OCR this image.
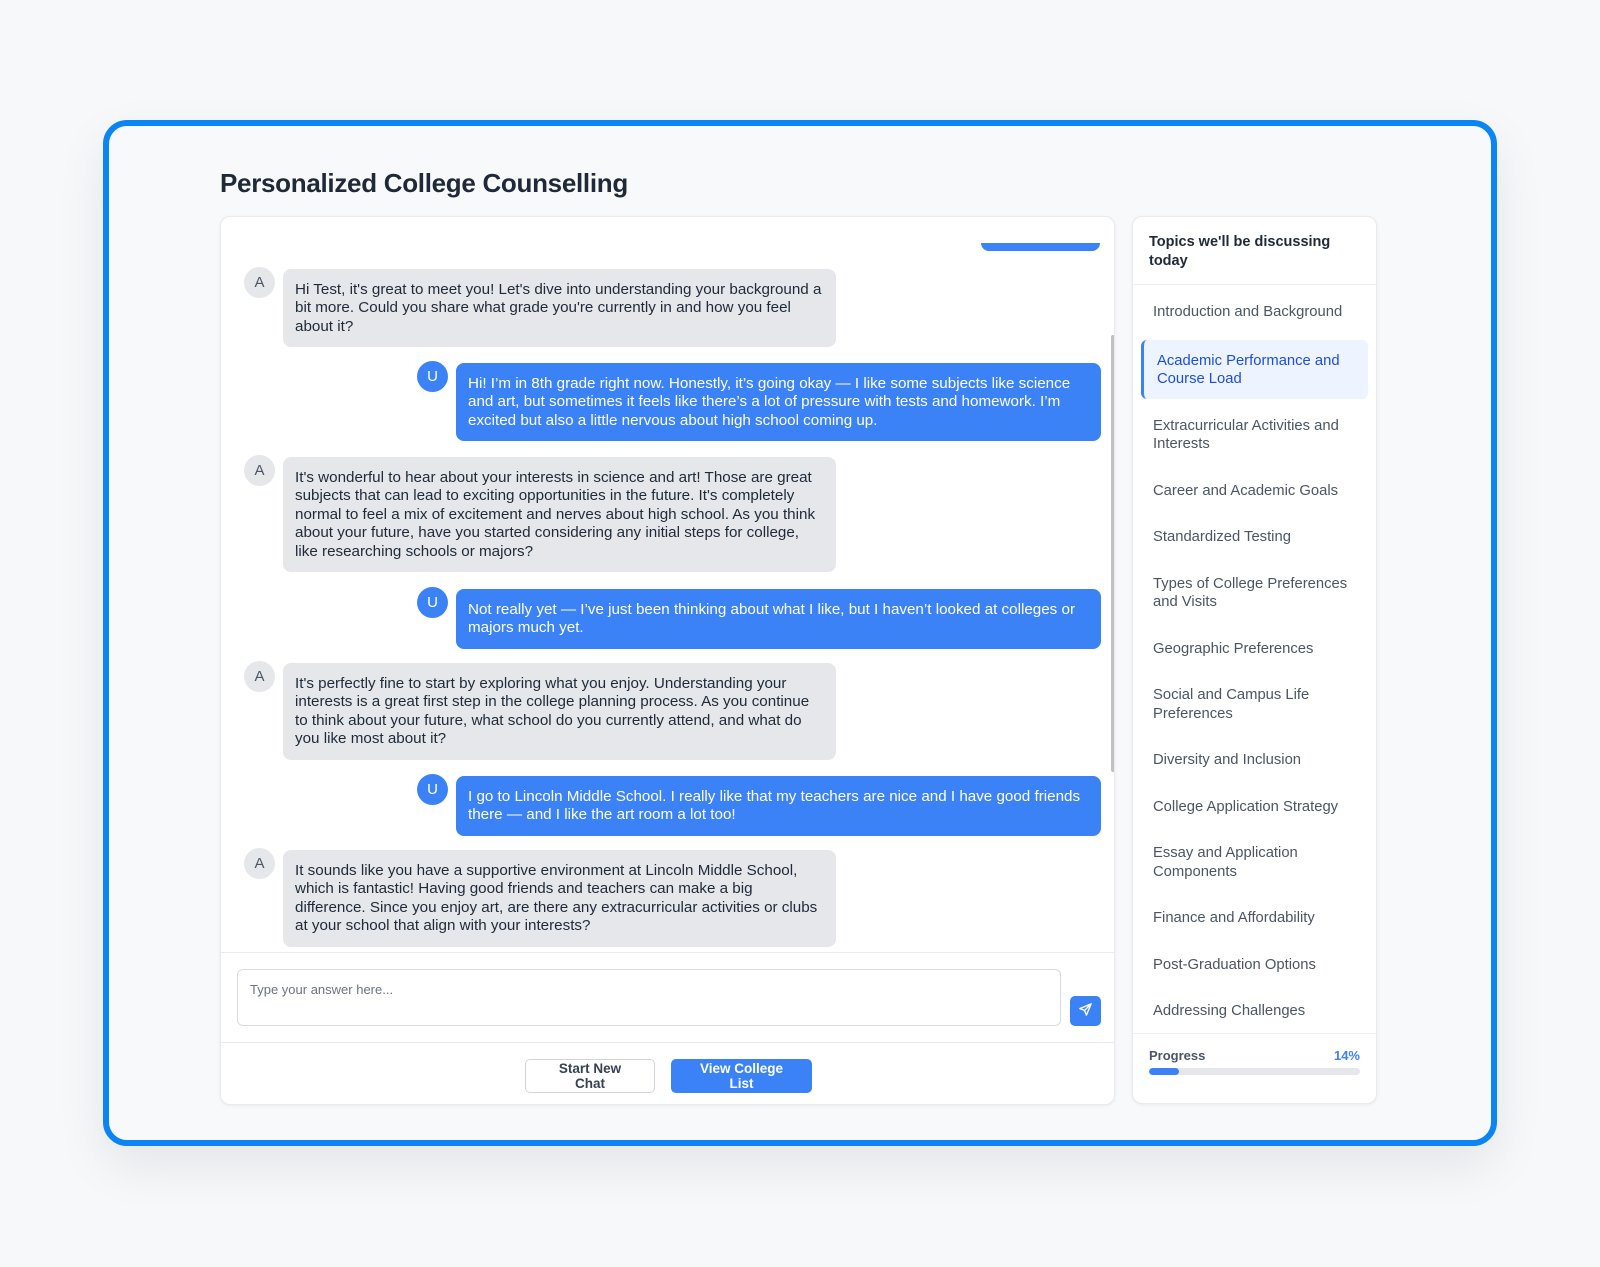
Personalized College Counselling
A	Hi Test, it's great to meet you! Let's dive into understanding your background a bit more. Could you share what grade you're currently in and how you feel about it?
U	Hi! I’m in 8th grade right now. Honestly, it’s going okay — I like some subjects like science and art, but sometimes it feels like there’s a lot of pressure with tests and homework. I’m excited but also a little nervous about high school coming up.
A	It's wonderful to hear about your interests in science and art! Those are great subjects that can lead to exciting opportunities in the future. It's completely normal to feel a mix of excitement and nerves about high school. As you think about your future, have you started considering any initial steps for college, like researching schools or majors?
U	Not really yet — I’ve just been thinking about what I like, but I haven’t looked at colleges or majors much yet.
A	It's perfectly fine to start by exploring what you enjoy. Understanding your interests is a great first step in the college planning process. As you continue to think about your future, what school do you currently attend, and what do you like most about it?
U	I go to Lincoln Middle School. I really like that my teachers are nice and I have good friends there — and I like the art room a lot too!
A	It sounds like you have a supportive environment at Lincoln Middle School, which is fantastic! Having good friends and teachers can make a big difference. Since you enjoy art, are there any extracurricular activities or clubs at your school that align with your interests?
Type your answer here...
Start New Chat
View College List
Topics we'll be discussing today
Introduction and Background
Academic Performance and Course Load
Extracurricular Activities and Interests
Career and Academic Goals
Standardized Testing
Types of College Preferences and Visits
Geographic Preferences
Social and Campus Life Preferences
Diversity and Inclusion
College Application Strategy
Essay and Application Components
Finance and Affordability
Post-Graduation Options
Addressing Challenges
Progress	14%
